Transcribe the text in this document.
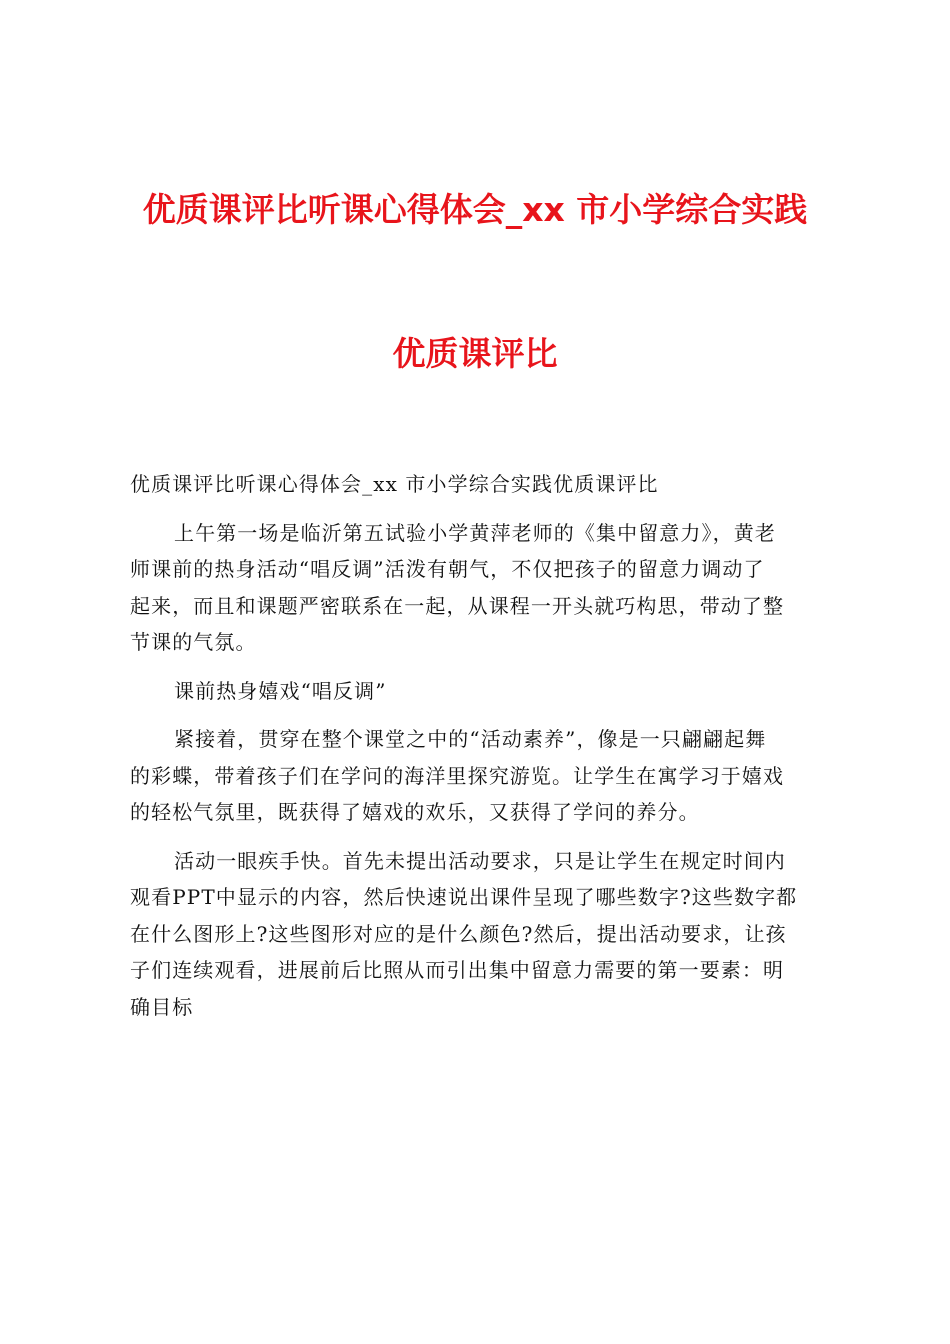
优质课评比听课心得体会_xx 市小学综合实践
优质课评比
优质课评比听课心得体会_xx 市小学综合实践优质课评比
上午第一场是临沂第五试验小学黄萍老师的《集中留意力》，黄老
师课前的热身活动“唱反调”活泼有朝气，不仅把孩子的留意力调动了
起来，而且和课题严密联系在一起，从课程一开头就巧构思，带动了整
节课的气氛。
课前热身嬉戏“唱反调”
紧接着，贯穿在整个课堂之中的“活动素养”，像是一只翩翩起舞
的彩蝶，带着孩子们在学问的海洋里探究游览。让学生在寓学习于嬉戏
的轻松气氛里，既获得了嬉戏的欢乐，又获得了学问的养分。
活动一眼疾手快。首先未提出活动要求，只是让学生在规定时间内
观看PPT中显示的内容，然后快速说出课件呈现了哪些数字?这些数字都
在什么图形上?这些图形对应的是什么颜色?然后，提出活动要求，让孩
子们连续观看，进展前后比照从而引出集中留意力需要的第一要素：明
确目标
